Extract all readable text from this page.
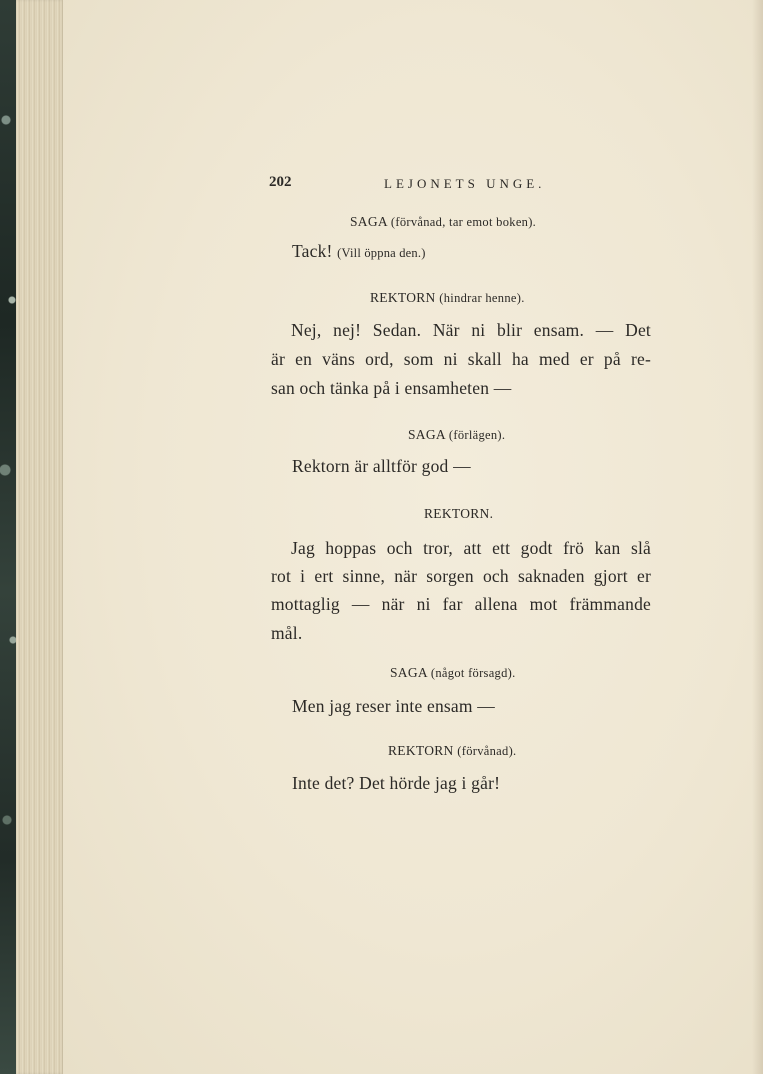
202	LEJONETS UNGE.
SAGA (förvånad, tar emot boken).
Tack! (Vill öppna den.)
REKTORN (hindrar henne).
Nej, nej! Sedan. När ni blir ensam. — Det
är en väns ord, som ni skall ha med er på re-
san och tänka på i ensamheten —
SAGA (förlägen).
Rektorn är alltför god —
REKTORN.
Jag hoppas och tror, att ett godt frö kan slå
rot i ert sinne, när sorgen och saknaden gjort er
mottaglig — när ni far allena mot främmande
mål.
SAGA (något försagd).
Men jag reser inte ensam —
REKTORN (förvånad).
Inte det? Det hörde jag i går!
